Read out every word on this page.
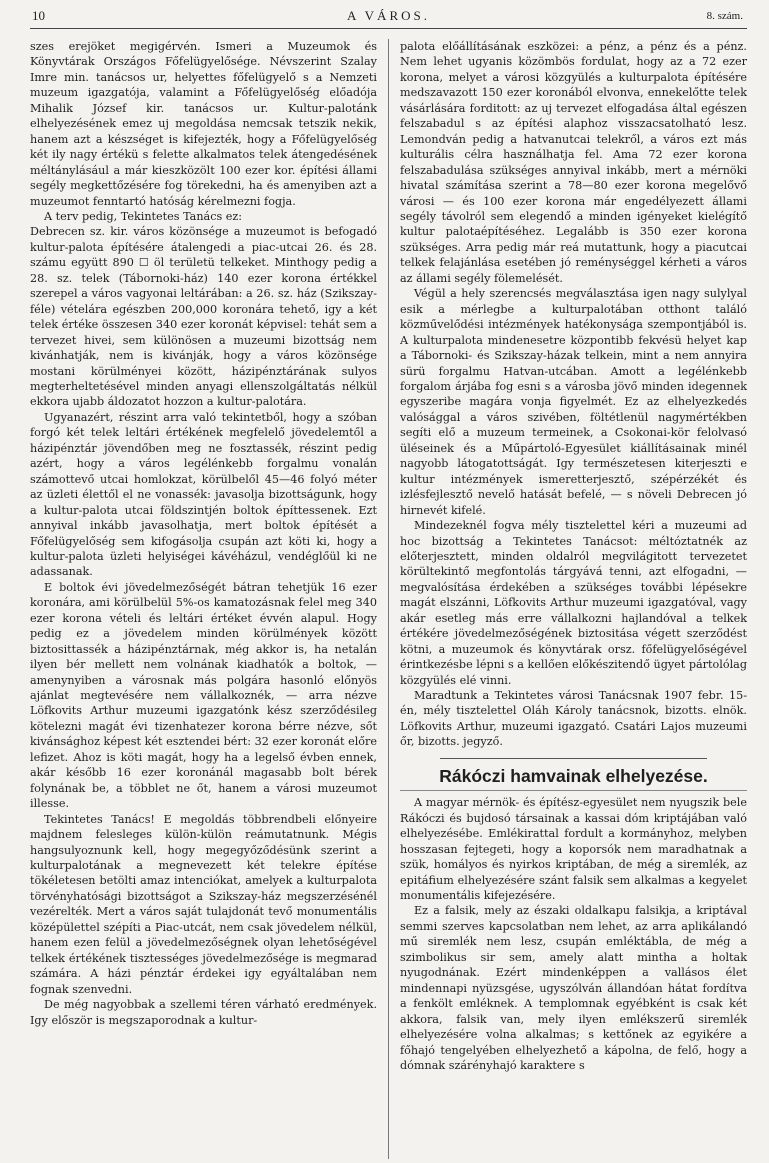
10	A VÁROS.	8. szám.

szes erejöket megigérvén. Ismeri a Muzeumok és Könyvtárak Országos Főfelügyelősége. Névszerint Szalay Imre min. tanácsos ur, helyettes főfelügyelő s a Nemzeti muzeum igazgatója, valamint a Főfelügyelőség előadója Mihalik József kir. tanácsos ur. Kultur-palotánk elhelyezésének emez uj megoldása nemcsak tetszik nekik, hanem azt a készséget is kifejezték, hogy a Főfelügyelőség két ily nagy értékü s felette alkalmatos telek átengedésének méltánylásául a már kieszközölt 100 ezer kor. építési állami segély megkettőzésére fog törekedni, ha és amenyiben azt a muzeumot fenntartó hatóság kérelmezni fogja.

A terv pedig, Tekintetes Tanács ez:

Debrecen sz. kir. város közönsége a muzeumot is befogadó kultur-palota építésére átalengedi a piac-utcai 26. és 28. számu együtt 890 ☐ öl területü telkeket. Minthogy pedig a 28. sz. telek (Tábornoki-ház) 140 ezer korona értékkel szerepel a város vagyonai leltárában: a 26. sz. ház (Szikszay-féle) vételára egészben 200,000 koronára tehető, igy a két telek értéke összesen 340 ezer koronát képvisel: tehát sem a tervezet hivei, sem különösen a muzeumi bizottság nem kivánhatják, nem is kivánják, hogy a város közönsége mostani körülményei között, házipénztárának sulyos megterheltetésével minden anyagi ellenszolgáltatás nélkül ekkora ujabb áldozatot hozzon a kultur-palotára.

Ugyanazért, részint arra való tekintetből, hogy a szóban forgó két telek leltári értékének megfelelő jövedelemtől a házipénztár jövendőben meg ne fosztassék, részint pedig azért, hogy a város legélénkebb forgalmu vonalán számottevő utcai homlokzat, körülbelől 45—46 folyó méter az üzleti élettől el ne vonassék: javasolja bizottságunk, hogy a kultur-palota utcai földszintjén boltok építtessenek. Ezt annyival inkább javasolhatja, mert boltok építését a Főfelügyelőség sem kifogásolja csupán azt köti ki, hogy a kultur-palota üzleti helyiségei kávéházul, vendéglőül ki ne adassanak.

E boltok évi jövedelmezőségét bátran tehetjük 16 ezer koronára, ami körülbelül 5%-os kamatozásnak felel meg 340 ezer korona vételi és leltári értéket évvén alapul. Hogy pedig ez a jövedelem minden körülmények között biztosittassék a házipénztárnak, még akkor is, ha netalán ilyen bér mellett nem volnának kiadhatók a boltok, — amenynyiben a városnak más polgára hasonló előnyös ajánlat megtevésére nem vállalkoznék, — arra nézve Löfkovits Arthur muzeumi igazgatónk kész szerződésileg kötelezni magát évi tizenhatezer korona bérre nézve, sőt kivánsághoz képest két esztendei bért: 32 ezer koronát előre lefizet. Ahoz is köti magát, hogy ha a legelső évben ennek, akár később 16 ezer koronánál magasabb bolt bérek folynának be, a többlet ne őt, hanem a városi muzeumot illesse.

Tekintetes Tanács! E megoldás többrendbeli előnyeire majdnem felesleges külön-külön reámutatnunk. Mégis hangsulyoznunk kell, hogy megegyőződésünk szerint a kulturpalotának a megnevezett két telekre építése tökéletesen betölti amaz intenciókat, amelyek a kulturpalota törvényhatósági bizottságot a Szikszay-ház megszerzésénél vezérelték. Mert a város saját tulajdonát tevő monumentális középülettel szépíti a Piac-utcát, nem csak jövedelem nélkül, hanem ezen felül a jövedelmezőségnek olyan lehetőségével telkek értékének tisztességes jövedelmezősége is megmarad számára. A házi pénztár érdekei igy egyáltalában nem fognak szenvedni.

De még nagyobbak a szellemi téren várható eredmények. Igy először is megszaporodnak a kultur-

palota előállításának eszközei: a pénz, a pénz és a pénz. Nem lehet ugyanis közömbös fordulat, hogy az a 72 ezer korona, melyet a városi közgyülés a kulturpalota építésére medszavazott 150 ezer koronából elvonva, ennekelőtte telek vásárlására forditott: az uj tervezet elfogadása által egészen felszabadul s az építési alaphoz visszacsatolható lesz. Lemondván pedig a hatvanutcai telekről, a város ezt más kulturális célra használhatja fel. Ama 72 ezer korona felszabadulása szükséges annyival inkább, mert a mérnöki hivatal számítása szerint a 78—80 ezer korona megelővő városi — és 100 ezer korona már engedélyezett állami segély távolról sem elegendő a minden igényeket kielégítő kultur palotaépítéséhez. Legalább is 350 ezer korona szükséges. Arra pedig már reá mutattunk, hogy a piacutcai telkek felajánlása esetében jó reménységgel kérheti a város az állami segély fölemelését.

Végül a hely szerencsés megválasztása igen nagy sulylyal esik a mérlegbe a kulturpalotában otthont találó közművelődési intézmények hatékonysága szempontjából is. A kulturpalota mindenesetre központibb fekvésü helyet kap a Tábornoki- és Szikszay-házak telkein, mint a nem annyira sürü forgalmu Hatvan-utcában. Amott a legélénkebb forgalom árjába fog esni s a városba jövő minden idegennek egyszeribe magára vonja figyelmét. Ez az elhelyezkedés valósággal a város szivében, föltétlenül nagymértékben segíti elő a muzeum termeinek, a Csokonai-kör felolvasó üléseinek és a Műpártoló-Egyesület kiállításainak minél nagyobb látogatottságát. Igy természetesen kiterjeszti e kultur intézmények ismeretterjesztő, szépérzékét és izlésfejlesztő nevelő hatását befelé, — s növeli Debrecen jó hirnevét kifelé.

Mindezeknél fogva mély tisztelettel kéri a muzeumi ad hoc bizottság a Tekintetes Tanácsot: méltóztatnék az előterjesztett, minden oldalról megvilágitott tervezetet körültekintő megfontolás tárgyává tenni, azt elfogadni, — megvalósítása érdekében a szükséges további lépésekre magát elszánni, Löfkovits Arthur muzeumi igazgatóval, vagy akár esetleg más erre vállalkozni hajlandóval a telkek értékére jövedelmezőségének biztositása végett szerződést kötni, a muzeumok és könyvtárak orsz. főfelügyelőségével érintkezésbe lépni s a kellően előkészitendő ügyet pártolólag közgyülés elé vinni.

Maradtunk a Tekintetes városi Tanácsnak 1907 febr. 15-én, mély tisztelettel Oláh Károly tanácsnok, bizotts. elnök. Löfkovits Arthur, muzeumi igazgató. Csatári Lajos muzeumi őr, bizotts. jegyző.

Rákóczi hamvainak elhelyezése.

A magyar mérnök- és építész-egyesület nem nyugszik bele Rákóczi és bujdosó társainak a kassai dóm kriptájában való elhelyezésébe. Emlékirattal fordult a kormányhoz, melyben hosszasan fejtegeti, hogy a koporsók nem maradhatnak a szük, homályos és nyirkos kriptában, de még a siremlék, az epitáfium elhelyezésére szánt falsik sem alkalmas a kegyelet monumentális kifejezésére.

Ez a falsik, mely az északi oldalkapu falsikja, a kriptával semmi szerves kapcsolatban nem lehet, az arra aplikálandó mű siremlék nem lesz, csupán emléktábla, de még a szimbolikus sir sem, amely alatt mintha a holtak nyugodnának. Ezért mindenképpen a vallásos élet mindennapi nyüzsgése, ugyszólván állandóan hátat fordítva a fenkölt emléknek. A templomnak egyébként is csak két akkora, falsik van, mely ilyen emlékszerű siremlék elhelyezésére volna alkalmas; s kettőnek az egyikére a főhajó tengelyében elhelyezhető a kápolna, de felő, hogy a dómnak szárényhajó karaktere s
